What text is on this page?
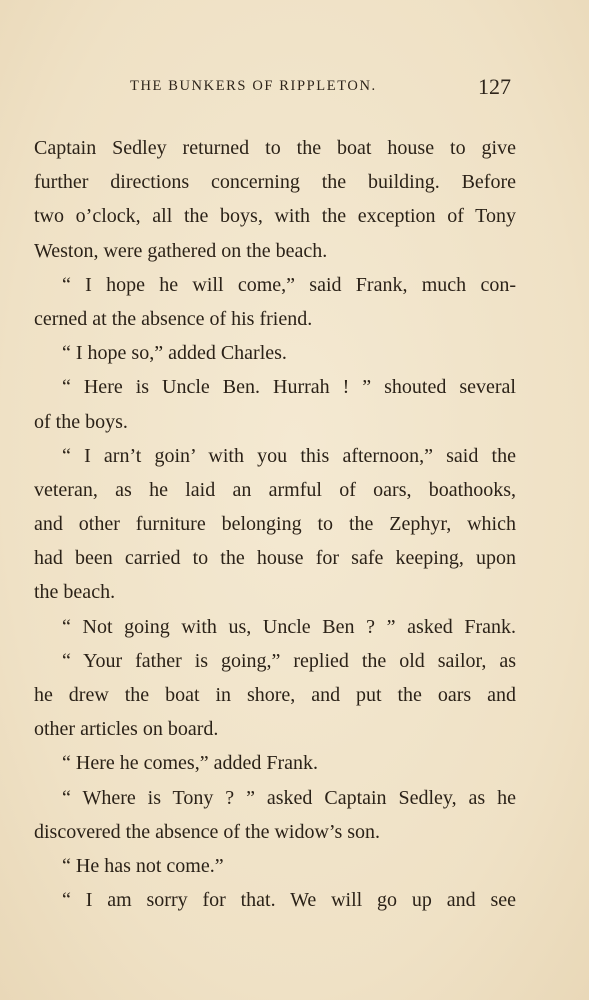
THE BUNKERS OF RIPPLETON.	127
Captain Sedley returned to the boat house to give
further directions concerning the building. Before
two o’clock, all the boys, with the exception of Tony
Weston, were gathered on the beach.
“ I hope he will come,” said Frank, much con-
cerned at the absence of his friend.
“ I hope so,” added Charles.
“ Here is Uncle Ben. Hurrah ! ” shouted several
of the boys.
“ I arn’t goin’ with you this afternoon,” said the
veteran, as he laid an armful of oars, boathooks,
and other furniture belonging to the Zephyr, which
had been carried to the house for safe keeping, upon
the beach.
“ Not going with us, Uncle Ben ? ” asked Frank.
“ Your father is going,” replied the old sailor, as
he drew the boat in shore, and put the oars and
other articles on board.
“ Here he comes,” added Frank.
“ Where is Tony ? ” asked Captain Sedley, as he
discovered the absence of the widow’s son.
“ He has not come.”
“ I am sorry for that. We will go up and see
